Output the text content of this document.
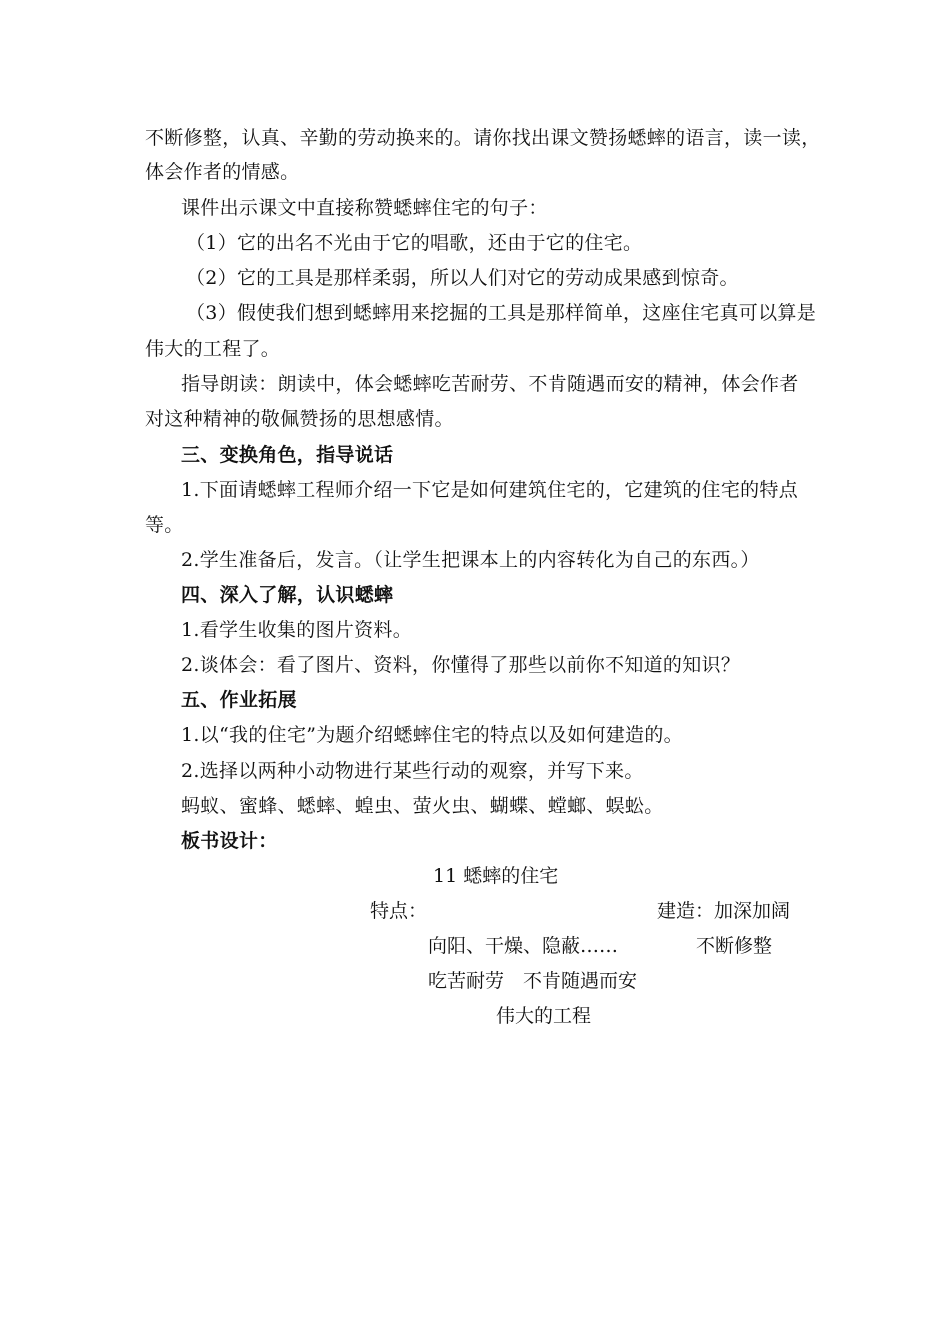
不断修整，认真、辛勤的劳动换来的。请你找出课文赞扬蟋蟀的语言，读一读，
体会作者的情感。
课件出示课文中直接称赞蟋蟀住宅的句子：
（1）它的出名不光由于它的唱歌，还由于它的住宅。
（2）它的工具是那样柔弱，所以人们对它的劳动成果感到惊奇。
（3）假使我们想到蟋蟀用来挖掘的工具是那样简单，这座住宅真可以算是
伟大的工程了。
指导朗读：朗读中，体会蟋蟀吃苦耐劳、不肯随遇而安的精神，体会作者
对这种精神的敬佩赞扬的思想感情。
三、变换角色，指导说话
1.下面请蟋蟀工程师介绍一下它是如何建筑住宅的，它建筑的住宅的特点
等。
2.学生准备后，发言。（让学生把课本上的内容转化为自己的东西。）
四、深入了解，认识蟋蟀
1.看学生收集的图片资料。
2.谈体会：看了图片、资料，你懂得了那些以前你不知道的知识？
五、作业拓展
1.以“我的住宅”为题介绍蟋蟀住宅的特点以及如何建造的。
2.选择以两种小动物进行某些行动的观察，并写下来。
蚂蚁、蜜蜂、蟋蟀、蝗虫、萤火虫、蝴蝶、螳螂、蜈蚣。
板书设计：
11 蟋蟀的住宅
特点：	建造：加深加阔
向阳、干燥、隐蔽……	不断修整
吃苦耐劳　不肯随遇而安
伟大的工程
